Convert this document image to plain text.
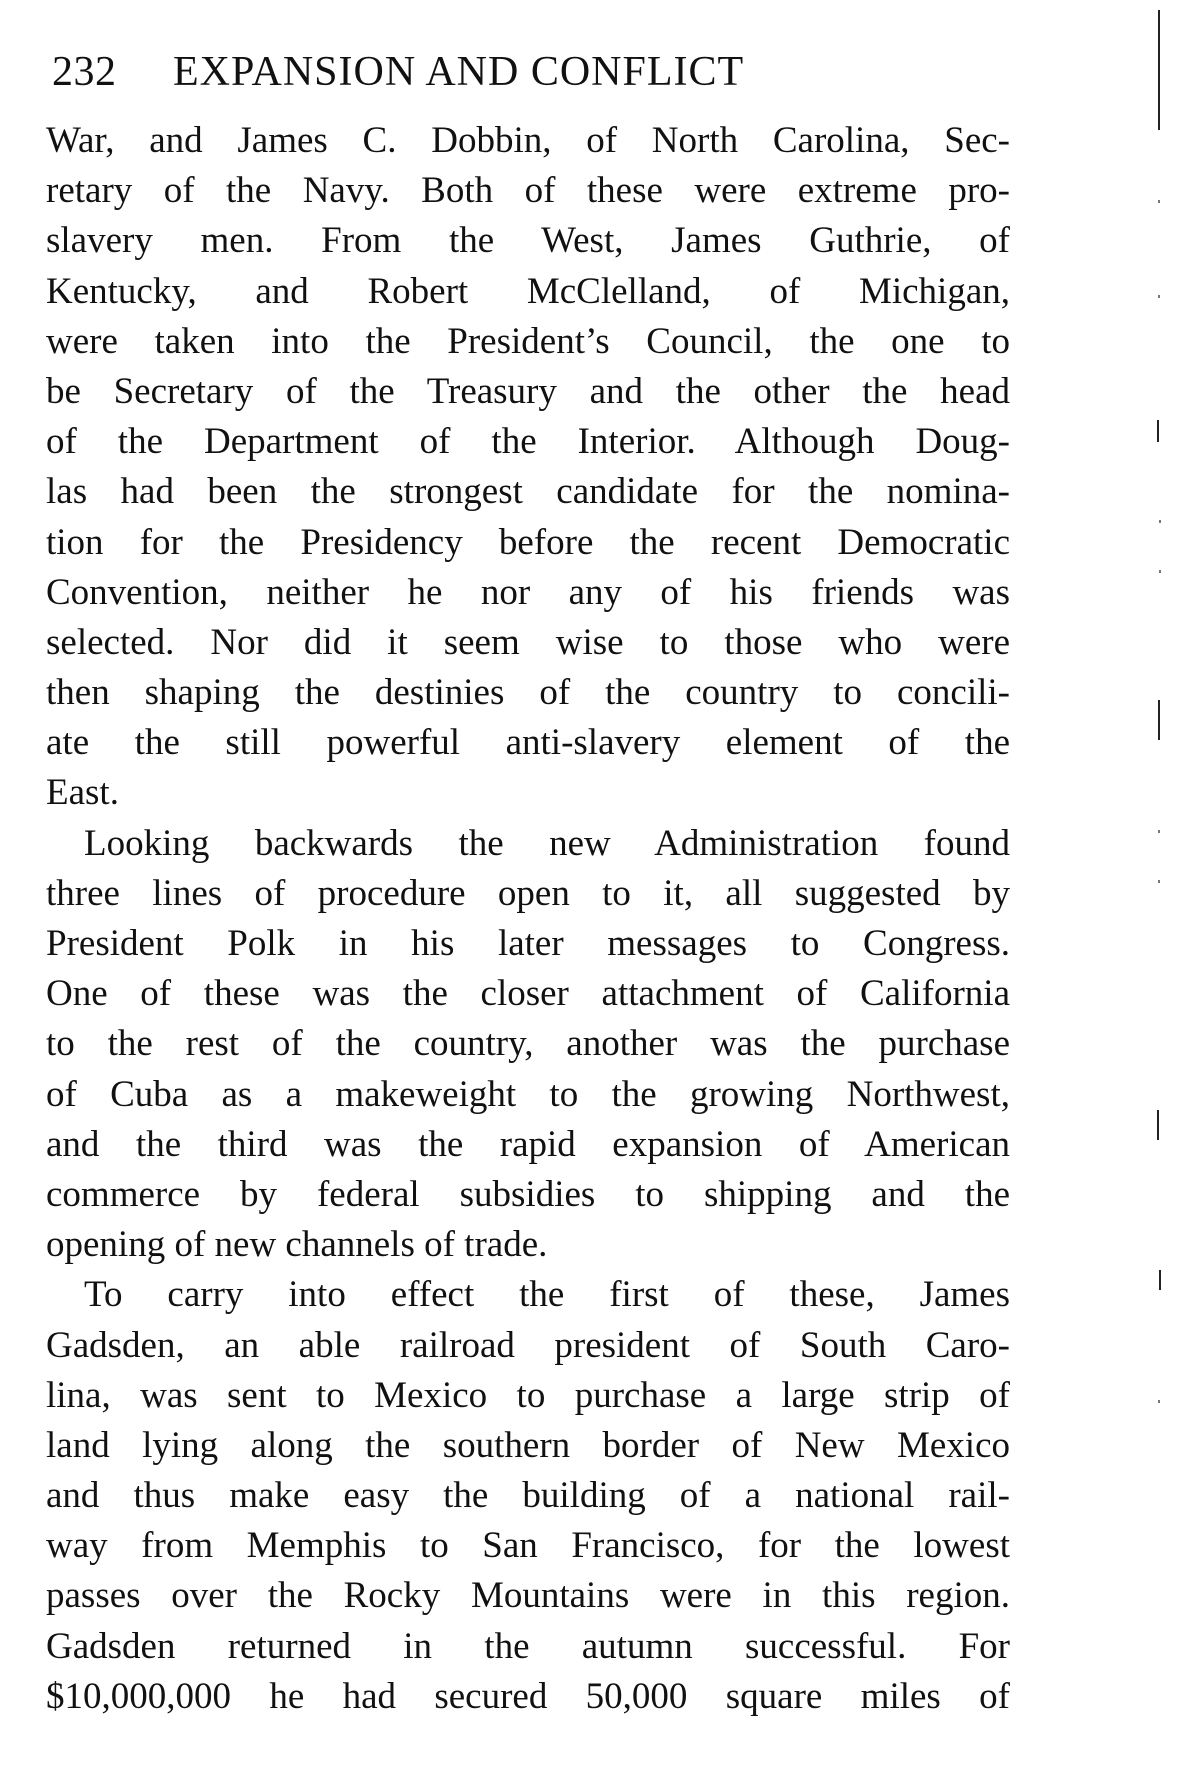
232 EXPANSION AND CONFLICT
War, and James C. Dobbin, of North Carolina, Sec-
retary of the Navy. Both of these were extreme pro-
slavery men. From the West, James Guthrie, of
Kentucky, and Robert McClelland, of Michigan,
were taken into the President’s Council, the one to
be Secretary of the Treasury and the other the head
of the Department of the Interior. Although Doug-
las had been the strongest candidate for the nomina-
tion for the Presidency before the recent Democratic
Convention, neither he nor any of his friends was
selected. Nor did it seem wise to those who were
then shaping the destinies of the country to concili-
ate the still powerful anti-slavery element of the
East.
Looking backwards the new Administration found
three lines of procedure open to it, all suggested by
President Polk in his later messages to Congress.
One of these was the closer attachment of California
to the rest of the country, another was the purchase
of Cuba as a makeweight to the growing Northwest,
and the third was the rapid expansion of American
commerce by federal subsidies to shipping and the
opening of new channels of trade.
To carry into effect the first of these, James
Gadsden, an able railroad president of South Caro-
lina, was sent to Mexico to purchase a large strip of
land lying along the southern border of New Mexico
and thus make easy the building of a national rail-
way from Memphis to San Francisco, for the lowest
passes over the Rocky Mountains were in this region.
Gadsden returned in the autumn successful. For
$10,000,000 he had secured 50,000 square miles of
